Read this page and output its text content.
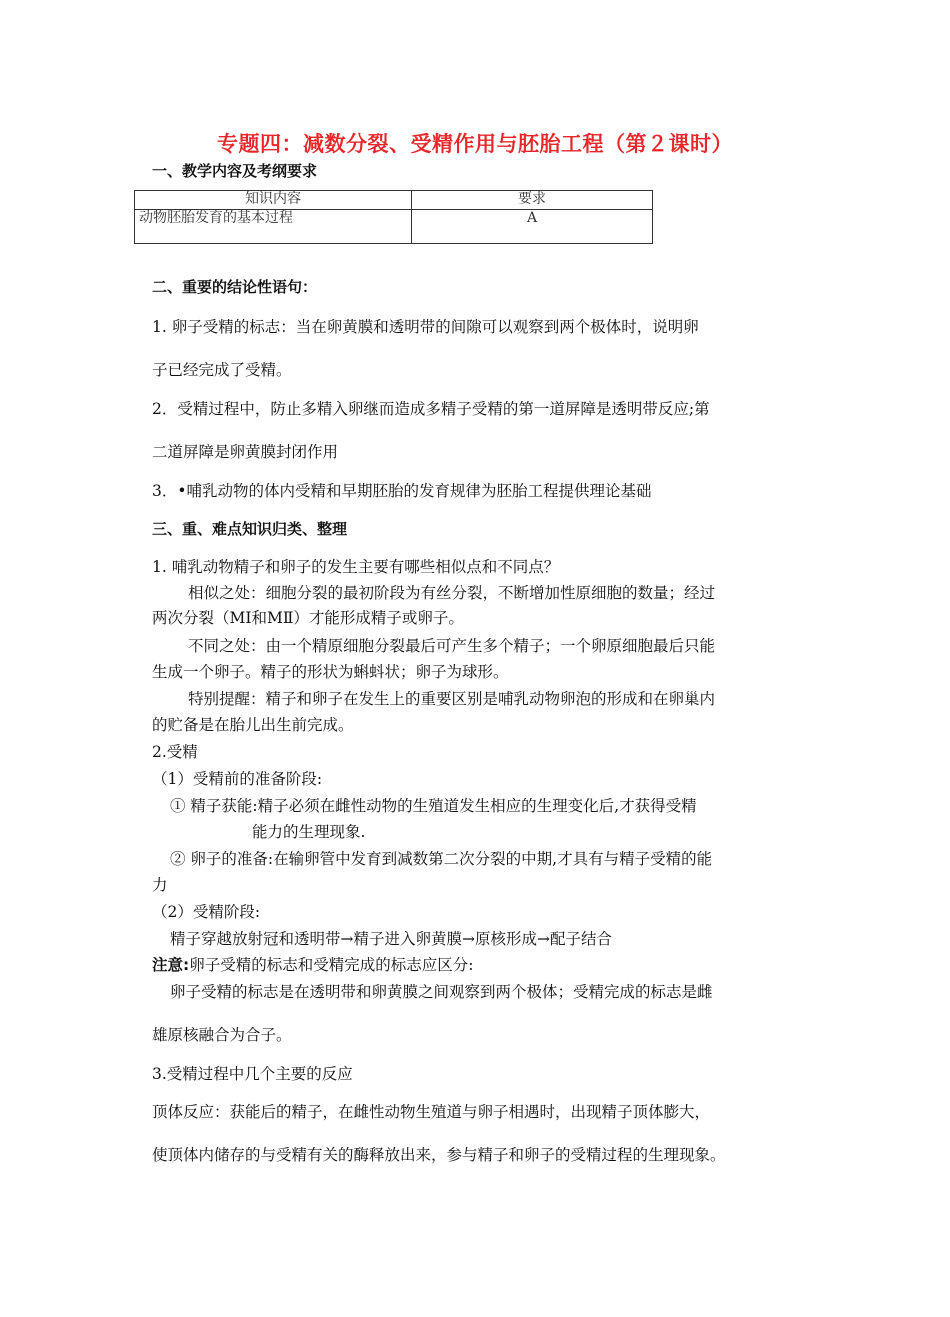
专题四：减数分裂、受精作用与胚胎工程（第２课时）
一、教学内容及考纲要求
知识内容	要求
动物胚胎发育的基本过程	A
二、重要的结论性语句：
1. 卵子受精的标志：当在卵黄膜和透明带的间隙可以观察到两个极体时，说明卵
子已经完成了受精。
2．受精过程中，防止多精入卵继而造成多精子受精的第一道屏障是透明带反应;第
二道屏障是卵黄膜封闭作用
3．•哺乳动物的体内受精和早期胚胎的发育规律为胚胎工程提供理论基础
三、重、难点知识归类、整理
1. 哺乳动物精子和卵子的发生主要有哪些相似点和不同点？
相似之处：细胞分裂的最初阶段为有丝分裂，不断增加性原细胞的数量；经过
两次分裂（MⅠ和MⅡ）才能形成精子或卵子。
不同之处：由一个精原细胞分裂最后可产生多个精子；一个卵原细胞最后只能
生成一个卵子。精子的形状为蝌蚪状；卵子为球形。
特别提醒：精子和卵子在发生上的重要区别是哺乳动物卵泡的形成和在卵巢内
的贮备是在胎儿出生前完成。
2.受精
（1）受精前的准备阶段:
① 精子获能:精子必须在雌性动物的生殖道发生相应的生理变化后,才获得受精
能力的生理现象.
② 卵子的准备:在输卵管中发育到减数第二次分裂的中期,才具有与精子受精的能
力
（2）受精阶段:
精子穿越放射冠和透明带→精子进入卵黄膜→原核形成→配子结合
注意:卵子受精的标志和受精完成的标志应区分:
卵子受精的标志是在透明带和卵黄膜之间观察到两个极体；受精完成的标志是雌
雄原核融合为合子。
3.受精过程中几个主要的反应
顶体反应：获能后的精子，在雌性动物生殖道与卵子相遇时，出现精子顶体膨大，
使顶体内储存的与受精有关的酶释放出来，参与精子和卵子的受精过程的生理现象。
